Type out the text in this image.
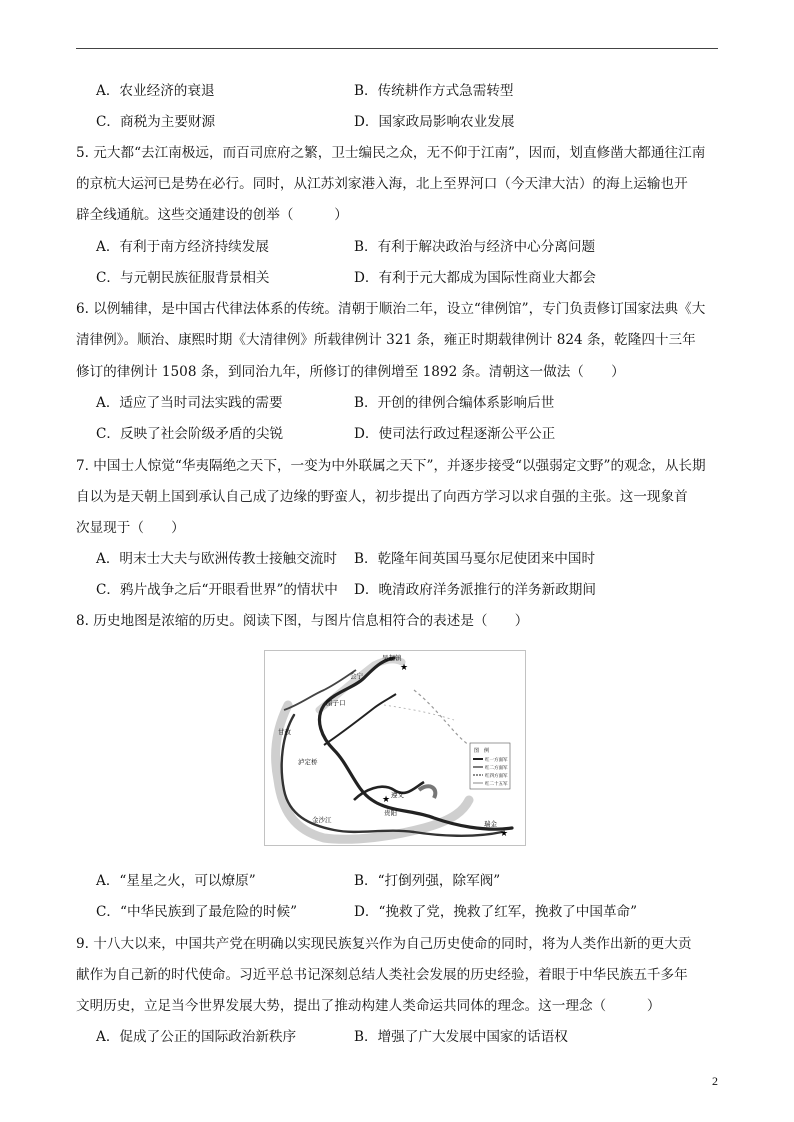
A．农业经济的衰退	B．传统耕作方式急需转型
C．商税为主要财源	D．国家政局影响农业发展
5. 元大都“去江南极远，而百司庶府之繁，卫士编民之众，无不仰于江南”，因而，划直修凿大都通往江南
的京杭大运河已是势在必行。同时，从江苏刘家港入海，北上至界河口（今天津大沽）的海上运输也开
辟全线通航。这些交通建设的创举（　　　）
A．有利于南方经济持续发展	B．有利于解决政治与经济中心分离问题
C．与元朝民族征服背景相关	D．有利于元大都成为国际性商业大都会
6. 以例辅律，是中国古代律法体系的传统。清朝于顺治二年，设立“律例馆”，专门负责修订国家法典《大
清律例》。顺治、康熙时期《大清律例》所载律例计 321 条，雍正时期载律例计 824 条，乾隆四十三年
修订的律例计 1508 条，到同治九年，所修订的律例增至 1892 条。清朝这一做法（　　）
A．适应了当时司法实践的需要	B．开创的律例合编体系影响后世
C．反映了社会阶级矛盾的尖锐	D．使司法行政过程逐渐公平公正
7. 中国士人惊觉“华夷隔绝之天下，一变为中外联属之天下”，并逐步接受“以强弱定文野”的观念，从长期
自以为是天朝上国到承认自己成了边缘的野蛮人，初步提出了向西方学习以求自强的主张。这一现象首
次显现于（　　）
A．明末士大夫与欧洲传教士接触交流时 B．乾隆年间英国马戛尔尼使团来中国时
C．鸦片战争之后“开眼看世界”的情状中 D．晚清政府洋务派推行的洋务新政期间
8. 历史地图是浓缩的历史。阅读下图，与图片信息相符合的表述是（　　）
★
★
★
吴起镇
会宁
腊子口
甘孜
泸定桥
遵义
金沙江
贵阳
瑞金
图　例
红一方面军
红二方面军
红四方面军
红二十五军
A．“星星之火，可以燎原”	B．“打倒列强，除军阀”
C．“中华民族到了最危险的时候”	D．“挽救了党，挽救了红军，挽救了中国革命”
9. 十八大以来，中国共产党在明确以实现民族复兴作为自己历史使命的同时，将为人类作出新的更大贡
献作为自己新的时代使命。习近平总书记深刻总结人类社会发展的历史经验，着眼于中华民族五千多年
文明历史，立足当今世界发展大势，提出了推动构建人类命运共同体的理念。这一理念（　　　）
A．促成了公正的国际政治新秩序	B．增强了广大发展中国家的话语权
2
